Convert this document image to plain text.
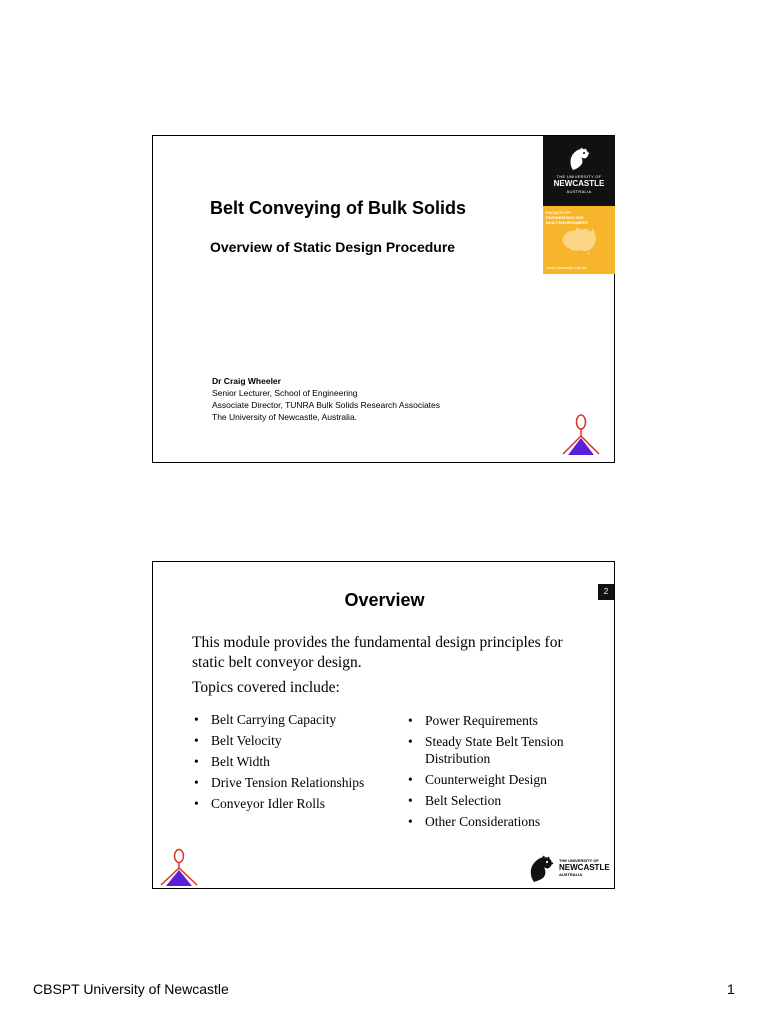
Belt Conveying of Bulk Solids
Overview of Static Design Procedure
Dr Craig Wheeler
Senior Lecturer, School of Engineering
Associate Director, TUNRA Bulk Solids Research Associates
The University of Newcastle, Australia.
THE UNIVERSITY OF
NEWCASTLE
AUSTRALIA
FACULTY OF
ENGINEERING AND
BUILT ENVIRONMENT
www.newcastle.edu.au
2
Overview
This module provides the fundamental design principles for static belt conveyor design.
Topics covered include:
• Belt Carrying Capacity
• Belt Velocity
• Belt Width
• Drive Tension Relationships
• Conveyor Idler Rolls
• Power Requirements
• Steady State Belt Tension Distribution
• Counterweight Design
• Belt Selection
• Other Considerations
THE UNIVERSITY OF
NEWCASTLE
AUSTRALIA
CBSPT University of Newcastle	1
